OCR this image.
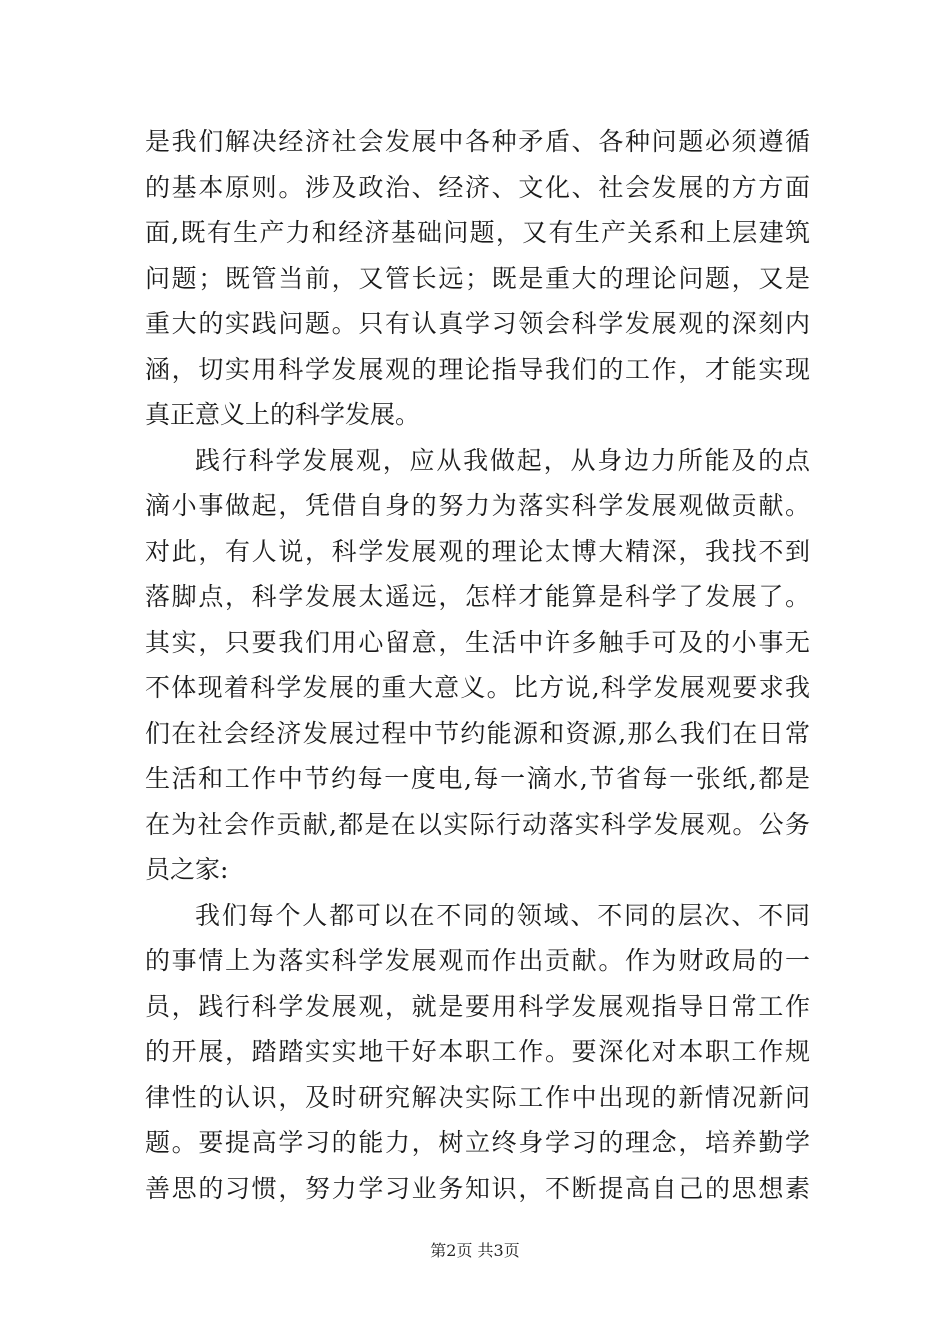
是我们解决经济社会发展中各种矛盾、各种问题必须遵循
的基本原则。涉及政治、经济、文化、社会发展的方方面
面,既有生产力和经济基础问题，又有生产关系和上层建筑
问题；既管当前，又管长远；既是重大的理论问题，又是
重大的实践问题。只有认真学习领会科学发展观的深刻内
涵，切实用科学发展观的理论指导我们的工作，才能实现
真正意义上的科学发展。
践行科学发展观，应从我做起，从身边力所能及的点
滴小事做起，凭借自身的努力为落实科学发展观做贡献。
对此，有人说，科学发展观的理论太博大精深，我找不到
落脚点，科学发展太遥远，怎样才能算是科学了发展了。
其实，只要我们用心留意，生活中许多触手可及的小事无
不体现着科学发展的重大意义。比方说,科学发展观要求我
们在社会经济发展过程中节约能源和资源,那么我们在日常
生活和工作中节约每一度电,每一滴水,节省每一张纸,都是
在为社会作贡献,都是在以实际行动落实科学发展观。公务
员之家:
我们每个人都可以在不同的领域、不同的层次、不同
的事情上为落实科学发展观而作出贡献。作为财政局的一
员，践行科学发展观，就是要用科学发展观指导日常工作
的开展，踏踏实实地干好本职工作。要深化对本职工作规
律性的认识，及时研究解决实际工作中出现的新情况新问
题。要提高学习的能力，树立终身学习的理念，培养勤学
善思的习惯，努力学习业务知识，不断提高自己的思想素
第2页 共3页
